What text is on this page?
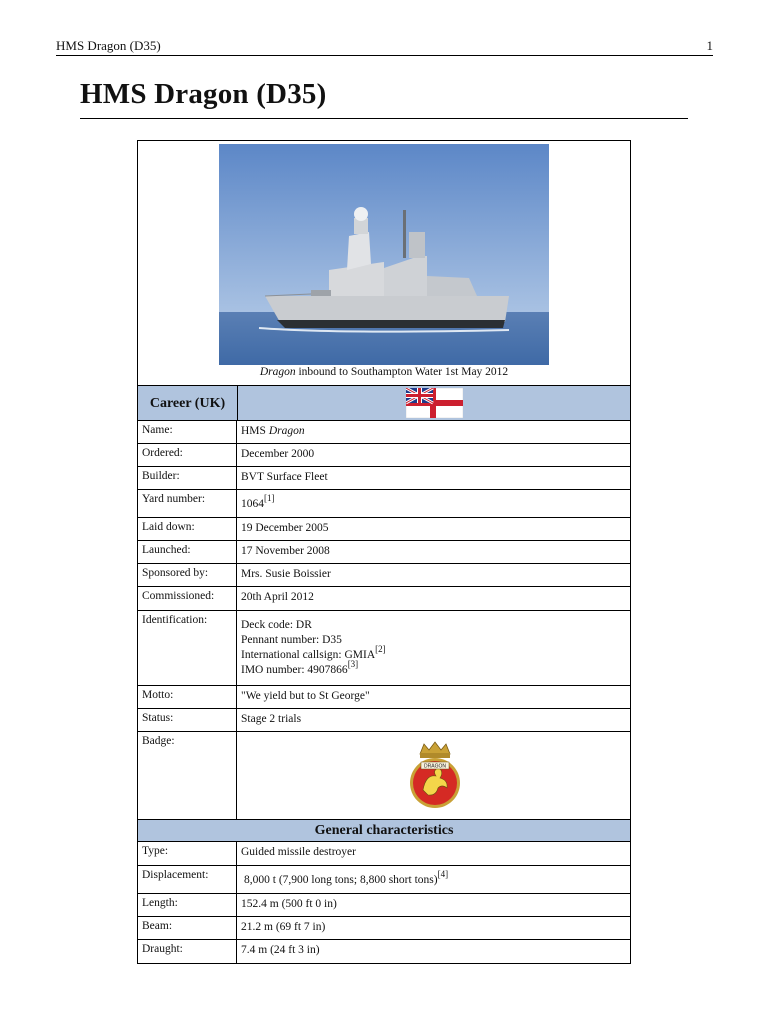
HMS Dragon (D35)	1
HMS Dragon (D35)
Dragon inbound to Southampton Water 1st May 2012
Career (UK)
Name:	HMS Dragon
Ordered:	December 2000
Builder:	BVT Surface Fleet
Yard number:	1064[1]
Laid down:	19 December 2005
Launched:	17 November 2008
Sponsored by:	Mrs. Susie Boissier
Commissioned:	20th April 2012
Identification:	Deck code: DR
Pennant number: D35
International callsign: GMIA[2]
IMO number: 4907866[3]
Motto:	"We yield but to St George"
Status:	Stage 2 trials
Badge:
DRAGON
General characteristics
Type:	Guided missile destroyer
Displacement:	8,000 t (7,900 long tons; 8,800 short tons)[4]
Length:	152.4 m (500 ft 0 in)
Beam:	21.2 m (69 ft 7 in)
Draught:	7.4 m (24 ft 3 in)
